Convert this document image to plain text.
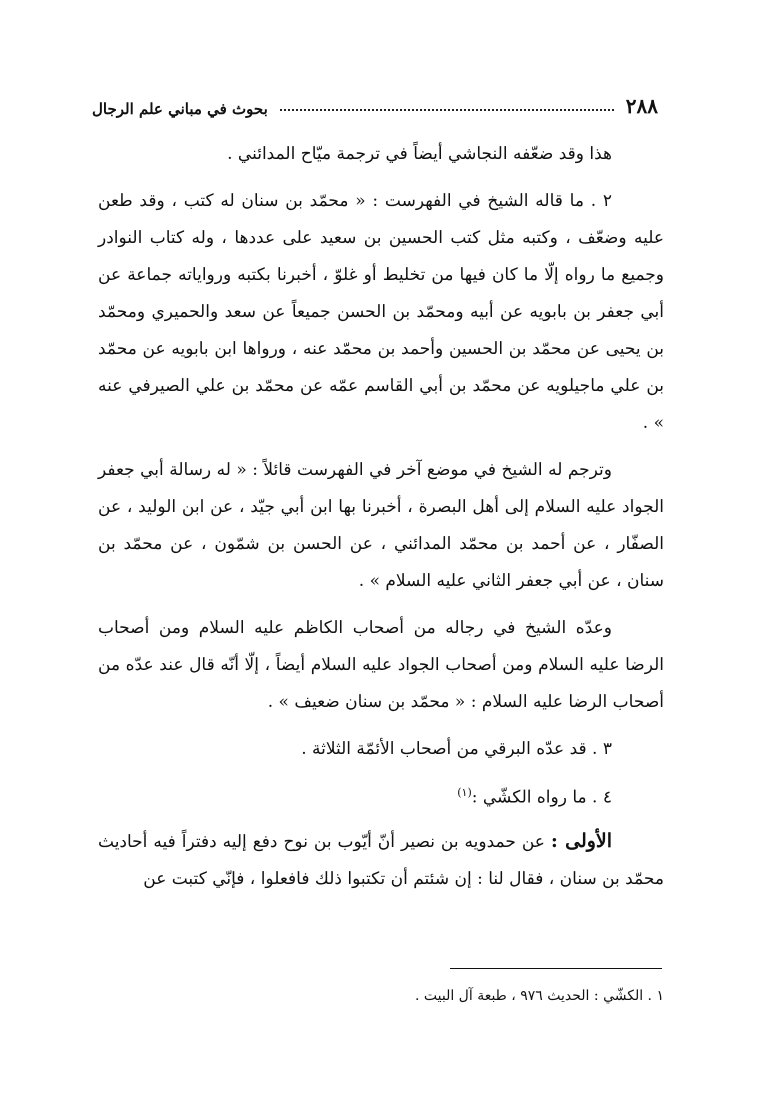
٢٨٨
بحوث في مباني علم الرجال

هذا وقد ضعّفه النجاشي أيضاً في ترجمة ميّاح المدائني .

٢ . ما قاله الشيخ في الفهرست : « محمّد بن سنان له كتب ، وقد طعن عليه وضعّف ، وكتبه مثل كتب الحسين بن سعيد على عددها ، وله كتاب النوادر وجميع ما رواه إلّا ما كان فيها من تخليط أو غلوّ ، أخبرنا بكتبه ورواياته جماعة عن أبي جعفر بن بابويه عن أبيه ومحمّد بن الحسن جميعاً عن سعد والحميري ومحمّد بن يحيى عن محمّد بن الحسين وأحمد بن محمّد عنه ، ورواها ابن بابويه عن محمّد بن علي ماجيلويه عن محمّد بن أبي القاسم عمّه عن محمّد بن علي الصيرفي عنه » .

وترجم له الشيخ في موضع آخر في الفهرست قائلاً : « له رسالة أبي جعفر الجواد عليه السلام إلى أهل البصرة ، أخبرنا بها ابن أبي جيّد ، عن ابن الوليد ، عن الصفّار ، عن أحمد بن محمّد المدائني ، عن الحسن بن شمّون ، عن محمّد بن سنان ، عن أبي جعفر الثاني عليه السلام » .

وعدّه الشيخ في رجاله من أصحاب الكاظم عليه السلام ومن أصحاب الرضا عليه السلام ومن أصحاب الجواد عليه السلام أيضاً ، إلّا أنّه قال عند عدّه من أصحاب الرضا عليه السلام : « محمّد بن سنان ضعيف » .

٣ . قد عدّه البرقي من أصحاب الأئمّة الثلاثة .

٤ . ما رواه الكشّي :$^{(١)}$

الأولى : عن حمدويه بن نصير أنّ أيّوب بن نوح دفع إليه دفتراً فيه أحاديث محمّد بن سنان ، فقال لنا : إن شئتم أن تكتبوا ذلك فافعلوا ، فإنّي كتبت عن

١ . الكشّي : الحديث ٩٧٦ ، طبعة آل البيت .
